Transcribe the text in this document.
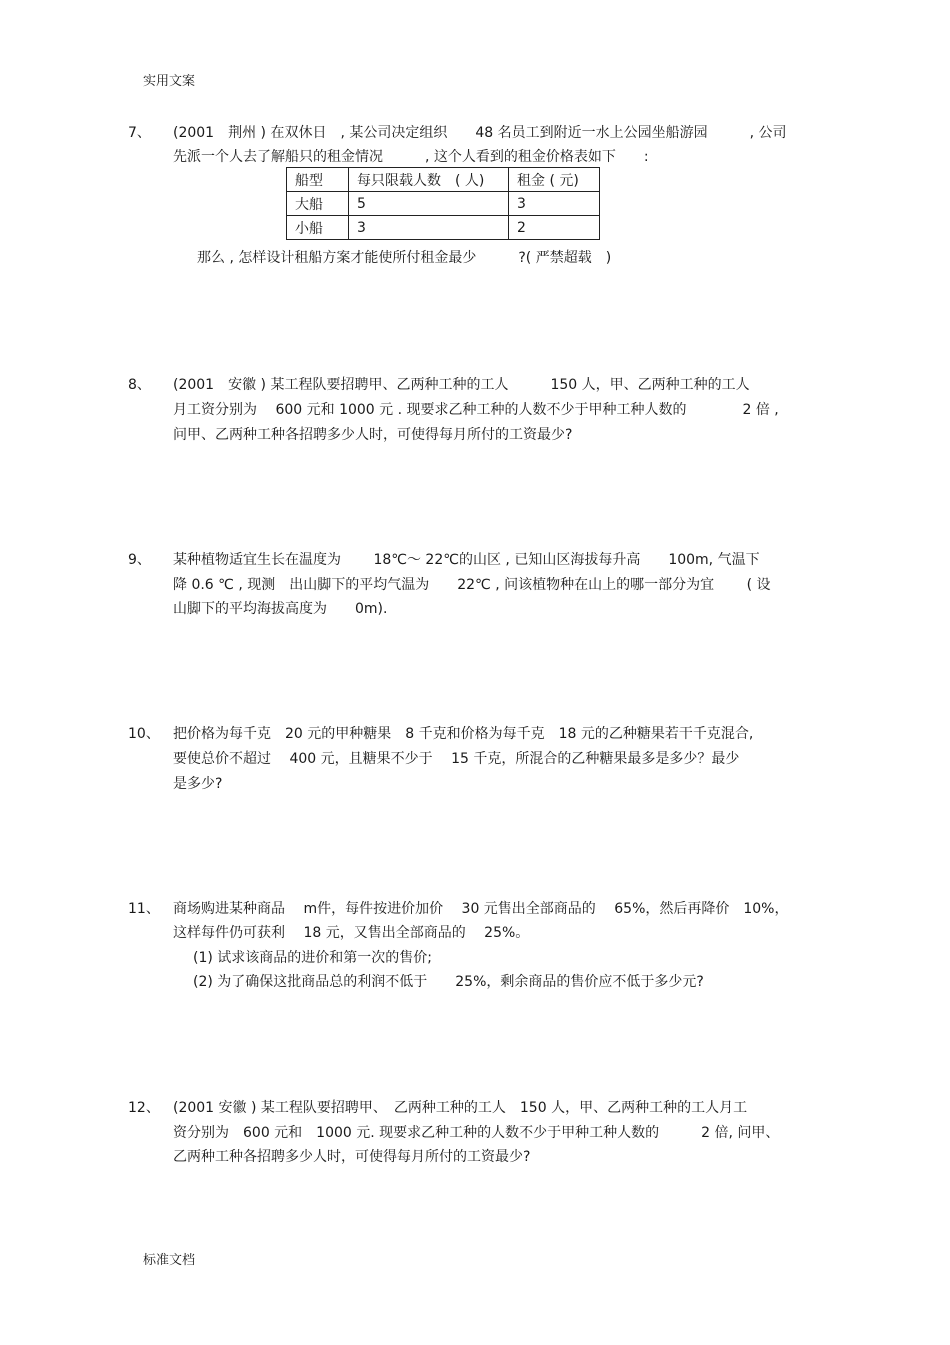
实用文案
7、 (2001　荆州 ) 在双休日　, 某公司决定组织　　48 名员工到附近一水上公园坐船游园　　　, 公司
先派一个人去了解船只的租金情况　　　, 这个人看到的租金价格表如下　　:
船型	每只限载人数　( 人)	租金 ( 元)
大船	5	3
小船	3	2
那么 , 怎样设计租船方案才能使所付租金最少　　　?( 严禁超载　)
8、 (2001　安徽 ) 某工程队要招聘甲、乙两种工种的工人　　　150 人，甲、乙两种工种的工人
月工资分别为　 600 元和 1000 元 . 现要求乙种工种的人数不少于甲种工种人数的　　　　2 倍 ,
问甲、乙两种工种各招聘多少人时，可使得每月所付的工资最少?
9、 某种植物适宜生长在温度为　　 18℃～ 22℃的山区 , 已知山区海拔每升高　　100m, 气温下
降 0.6 ℃ , 现测　出山脚下的平均气温为　　22℃ , 问该植物种在山上的哪一部分为宜　　 ( 设
山脚下的平均海拔高度为　　0m).
10、 把价格为每千克　20 元的甲种糖果　8 千克和价格为每千克　18 元的乙种糖果若干千克混合,
要使总价不超过　 400 元，且糖果不少于　 15 千克，所混合的乙种糖果最多是多少？最少
是多少?
11、 商场购进某种商品　 m件，每件按进价加价　 30 元售出全部商品的　 65%，然后再降价　10%，
这样每件仍可获利　 18 元，又售出全部商品的　 25%。
(1) 试求该商品的进价和第一次的售价;
(2) 为了确保这批商品总的利润不低于　　25%，剩余商品的售价应不低于多少元?
12、 (2001 安徽 ) 某工程队要招聘甲、　乙两种工种的工人　150 人，甲、乙两种工种的工人月工
资分别为　600 元和　1000 元. 现要求乙种工种的人数不少于甲种工种人数的　　　2 倍, 问甲、
乙两种工种各招聘多少人时，可使得每月所付的工资最少?
标准文档
